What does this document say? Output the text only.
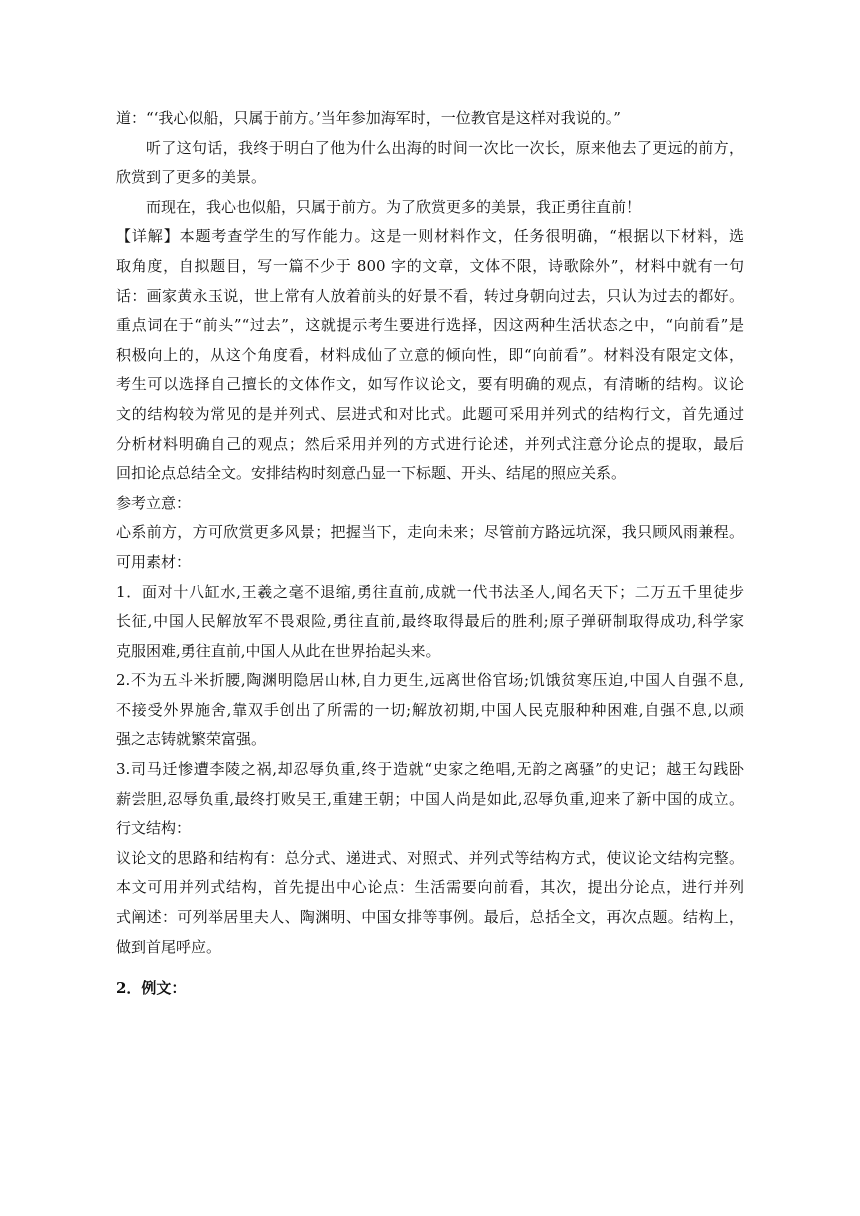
道：“‘我心似船，只属于前方。’当年参加海军时，一位教官是这样对我说的。”
听了这句话，我终于明白了他为什么出海的时间一次比一次长，原来他去了更远的前方，
欣赏到了更多的美景。
而现在，我心也似船，只属于前方。为了欣赏更多的美景，我正勇往直前！
【详解】本题考查学生的写作能力。这是一则材料作文，任务很明确，“根据以下材料，选
取角度，自拟题目，写一篇不少于 800 字的文章，文体不限，诗歌除外”，材料中就有一句
话：画家黄永玉说，世上常有人放着前头的好景不看，转过身朝向过去，只认为过去的都好。
重点词在于“前头”“过去”，这就提示考生要进行选择，因这两种生活状态之中，“向前看”是
积极向上的，从这个角度看，材料成仙了立意的倾向性，即“向前看”。材料没有限定文体，
考生可以选择自己擅长的文体作文，如写作议论文，要有明确的观点，有清晰的结构。议论
文的结构较为常见的是并列式、层进式和对比式。此题可采用并列式的结构行文，首先通过
分析材料明确自己的观点；然后采用并列的方式进行论述，并列式注意分论点的提取，最后
回扣论点总结全文。安排结构时刻意凸显一下标题、开头、结尾的照应关系。
参考立意：
心系前方，方可欣赏更多风景；把握当下，走向未来；尽管前方路远坑深，我只顾风雨兼程。
可用素材：
1．面对十八缸水,王羲之毫不退缩,勇往直前,成就一代书法圣人,闻名天下；二万五千里徒步
长征,中国人民解放军不畏艰险,勇往直前,最终取得最后的胜利;原子弹研制取得成功,科学家
克服困难,勇往直前,中国人从此在世界抬起头来。
2.不为五斗米折腰,陶渊明隐居山林,自力更生,远离世俗官场;饥饿贫寒压迫,中国人自强不息,
不接受外界施舍,靠双手创出了所需的一切;解放初期,中国人民克服种种困难,自强不息,以顽
强之志铸就繁荣富强。
3.司马迁惨遭李陵之祸,却忍辱负重,终于造就“史家之绝唱,无韵之离骚”的史记；越王勾践卧
薪尝胆,忍辱负重,最终打败吴王,重建王朝；中国人尚是如此,忍辱负重,迎来了新中国的成立。
行文结构：
议论文的思路和结构有：总分式、递进式、对照式、并列式等结构方式，使议论文结构完整。
本文可用并列式结构，首先提出中心论点：生活需要向前看，其次，提出分论点，进行并列
式阐述：可列举居里夫人、陶渊明、中国女排等事例。最后，总括全文，再次点题。结构上，
做到首尾呼应。
2．例文：
